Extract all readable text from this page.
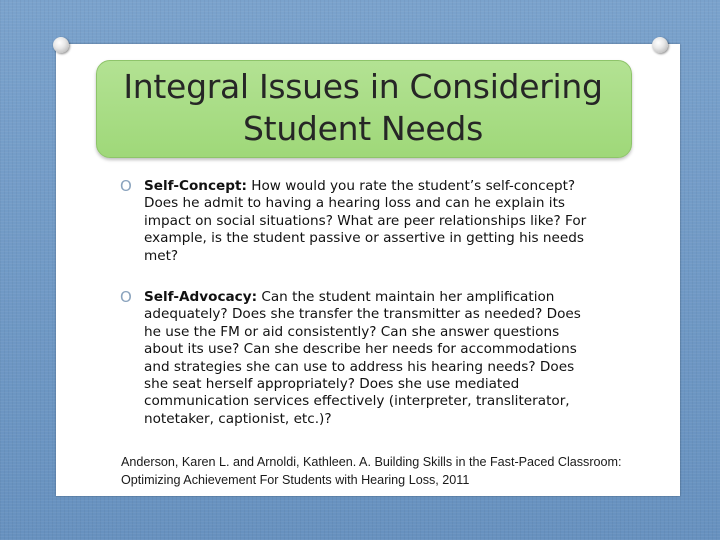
Integral Issues in Considering Student Needs
O Self-Concept: How would you rate the student’s self-concept? Does he admit to having a hearing loss and can he explain its impact on social situations? What are peer relationships like? For example, is the student passive or assertive in getting his needs met?
O Self-Advocacy: Can the student maintain her amplification adequately? Does she transfer the transmitter as needed? Does he use the FM or aid consistently? Can she answer questions about its use? Can she describe her needs for accommodations and strategies she can use to address his hearing needs? Does she seat herself appropriately? Does she use mediated communication services effectively (interpreter, transliterator, notetaker, captionist, etc.)?
Anderson, Karen L. and Arnoldi, Kathleen. A. Building Skills in the Fast-Paced Classroom: Optimizing Achievement For Students with Hearing Loss, 2011
